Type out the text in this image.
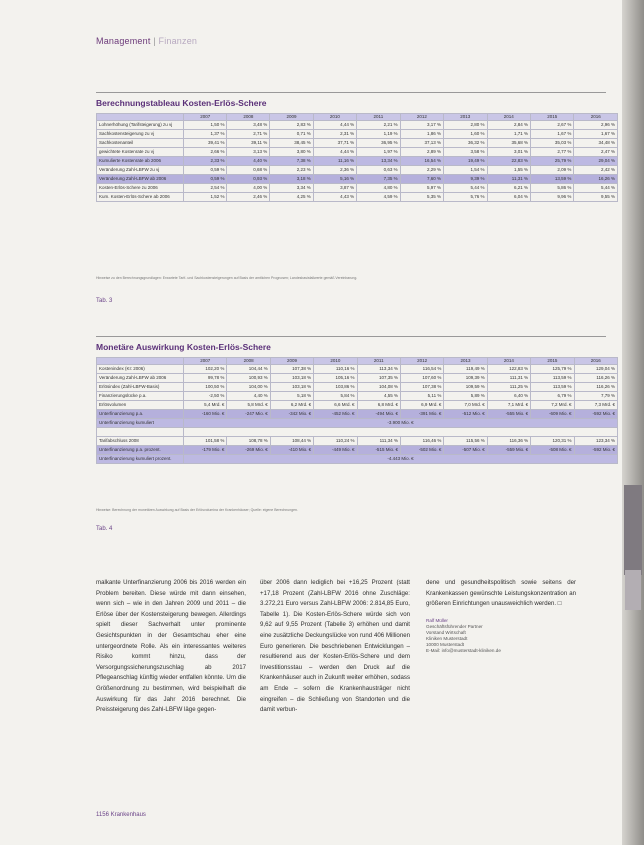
Management | Finanzen
Berechnungstableau Kosten-Erlös-Schere
	2007	2008	2009	2010	2011	2012	2013	2014	2015	2016
Lohnerhöhung (Tarifsteigerung) zu vj	1,50 %	3,48 %	2,83 %	4,44 %	2,21 %	3,17 %	2,80 %	2,84 %	2,67 %	2,96 %
Sachkostensteigerung zu vj	1,37 %	2,71 %	0,71 %	2,31 %	1,19 %	1,86 %	1,60 %	1,71 %	1,67 %	1,67 %
Sachkostenanteil	39,41 %	39,11 %	38,45 %	37,71 %	36,95 %	37,13 %	36,32 %	35,68 %	35,03 %	34,48 %
gewichtete Kostenrate zu vj	2,66 %	3,13 %	3,80 %	4,44 %	1,97 %	2,89 %	3,58 %	3,01 %	2,77 %	2,47 %
Kumulierte Kostenrate ab 2006	2,33 %	4,40 %	7,38 %	11,16 %	13,34 %	16,54 %	19,49 %	22,83 %	25,79 %	29,04 %
Veränderung Zahl-LBFW zu vj	0,59 %	0,68 %	2,23 %	2,36 %	0,63 %	2,29 %	1,54 %	1,55 %	2,09 %	2,42 %
Veränderung Zahl-LBFW ab 2006	0,59 %	0,93 %	3,18 %	5,16 %	7,35 %	7,60 %	9,39 %	11,31 %	13,59 %	16,26 %
Kosten-Erlös-Schere zu 2006	2,54 %	4,00 %	3,34 %	3,87 %	4,80 %	5,97 %	5,44 %	6,21 %	5,86 %	5,44 %
Kum. Kosten-Erlös-Schere ab 2006	1,52 %	2,46 %	4,25 %	4,43 %	4,59 %	5,35 %	5,76 %	6,04 %	9,96 %	9,55 %
Hinweise zu den Berechnungsgrundlagen: Erwartete Tarif- und Sachkostensteigerungen auf Basis der amtlichen Prognosen; Landesbasisfallwerte gemäß Vereinbarung.
Tab. 3
Monetäre Auswirkung Kosten-Erlös-Schere
	2007	2008	2009	2010	2011	2012	2013	2014	2015	2016
Kostenindex (KI: 2006)	102,20 %	104,44 %	107,38 %	110,16 %	113,34 %	116,54 %	119,49 %	122,83 %	125,79 %	129,04 %
Veränderung Zahl-LBFW ab 2006	99,78 %	100,93 %	103,18 %	105,16 %	107,35 %	107,60 %	109,39 %	111,31 %	113,59 %	116,26 %
Erlösindex (Zahl-LBFW-Basis)	100,50 %	104,00 %	103,18 %	103,86 %	104,08 %	107,38 %	109,59 %	111,25 %	113,59 %	116,26 %
Finanzierungslücke p.a.	-2,50 %	4,40 %	5,18 %	5,84 %	4,55 %	5,11 %	5,89 %	6,40 %	6,79 %	7,79 %
Erlösvolumen	5,4 Mrd. €	5,8 Mrd. €	6,2 Mrd. €	6,6 Mrd. €	6,8 Mrd. €	6,9 Mrd. €	7,0 Mrd. €	7,1 Mrd. €	7,2 Mrd. €	7,3 Mrd. €
Unterfinanzierung p.a.	-160 Mio. €	-247 Mio. €	-342 Mio. €	-452 Mio. €	-494 Mio. €	-391 Mio. €	-512 Mio. €	-555 Mio. €	-609 Mio. €	-592 Mio. €
Unterfinanzierung kumuliert	-3.900 Mio. €									

Tarifabschluss 2008	101,58 %	108,78 %	108,44 %	110,24 %	111,34 %	116,46 %	115,56 %	116,36 %	120,31 %	123,34 %
Unterfinanzierung p.a. prozent.	-179 Mio. €	-269 Mio. €	-410 Mio. €	-449 Mio. €	-515 Mio. €	-502 Mio. €	-507 Mio. €	-559 Mio. €	-508 Mio. €	-592 Mio. €
Unterfinanzierung kumuliert prozent.	-4.443 Mio. €									
Hinweise: Berechnung der monetären Auswirkung auf Basis der Erlösvolumina der Krankenhäuser; Quelle: eigene Berechnungen.
Tab. 4
malkante Unterfinanzierung 2006 bis 2016 werden ein Problem bereiten. Diese würde mit dann einsehen, wenn sich – wie in den Jahren 2009 und 2011 – die Erlöse über der Kostensteigerung bewegen. Allerdings spielt dieser Sachverhalt unter prominente Gesichtspunkten in der Gesamtschau eher eine untergeordnete Rolle. Als ein interessantes weiteres Risiko kommt hinzu, dass der Versorgungssicherungszuschlag ab 2017 Pflegeanschlag künftig wieder entfallen könnte. Um die Größenordnung zu bestimmen, wird beispielhaft die Auswirkung für das Jahr 2016 berechnet. Die Preissteigerung des Zahl-LBFW läge gegen-
über 2006 dann lediglich bei +16,25 Prozent (statt +17,18 Prozent (Zahl-LBFW 2016 ohne Zuschläge: 3.272,21 Euro versus Zahl-LBFW 2006: 2.814,85 Euro, Tabelle 1). Die Kosten-Erlös-Schere würde sich von 9,62 auf 9,55 Prozent (Tabelle 3) erhöhen und damit eine zusätzliche Deckungslücke von rund 406 Millionen Euro generieren. Die beschriebenen Entwicklungen – resultierend aus der Kosten-Erlös-Schere und dem Investitionsstau – werden den Druck auf die Krankenhäuser auch in Zukunft weiter erhöhen, sodass am Ende – sofern die Krankenhausträger nicht eingreifen – die Schließung von Standorten und die damit verbun-
dene und gesundheitspolitisch sowie seitens der Krankenkassen gewünschte Leistungskonzentration an größeren Einrichtungen unausweichlich werden. □
Ralf Müller
Geschäftsführender Partner
Vorstand Wirtschaft
Kliniken Musterstadt
10000 Musterstadt
E-Mail: info@musterstadt-kliniken.de
1156 Krankenhaus
